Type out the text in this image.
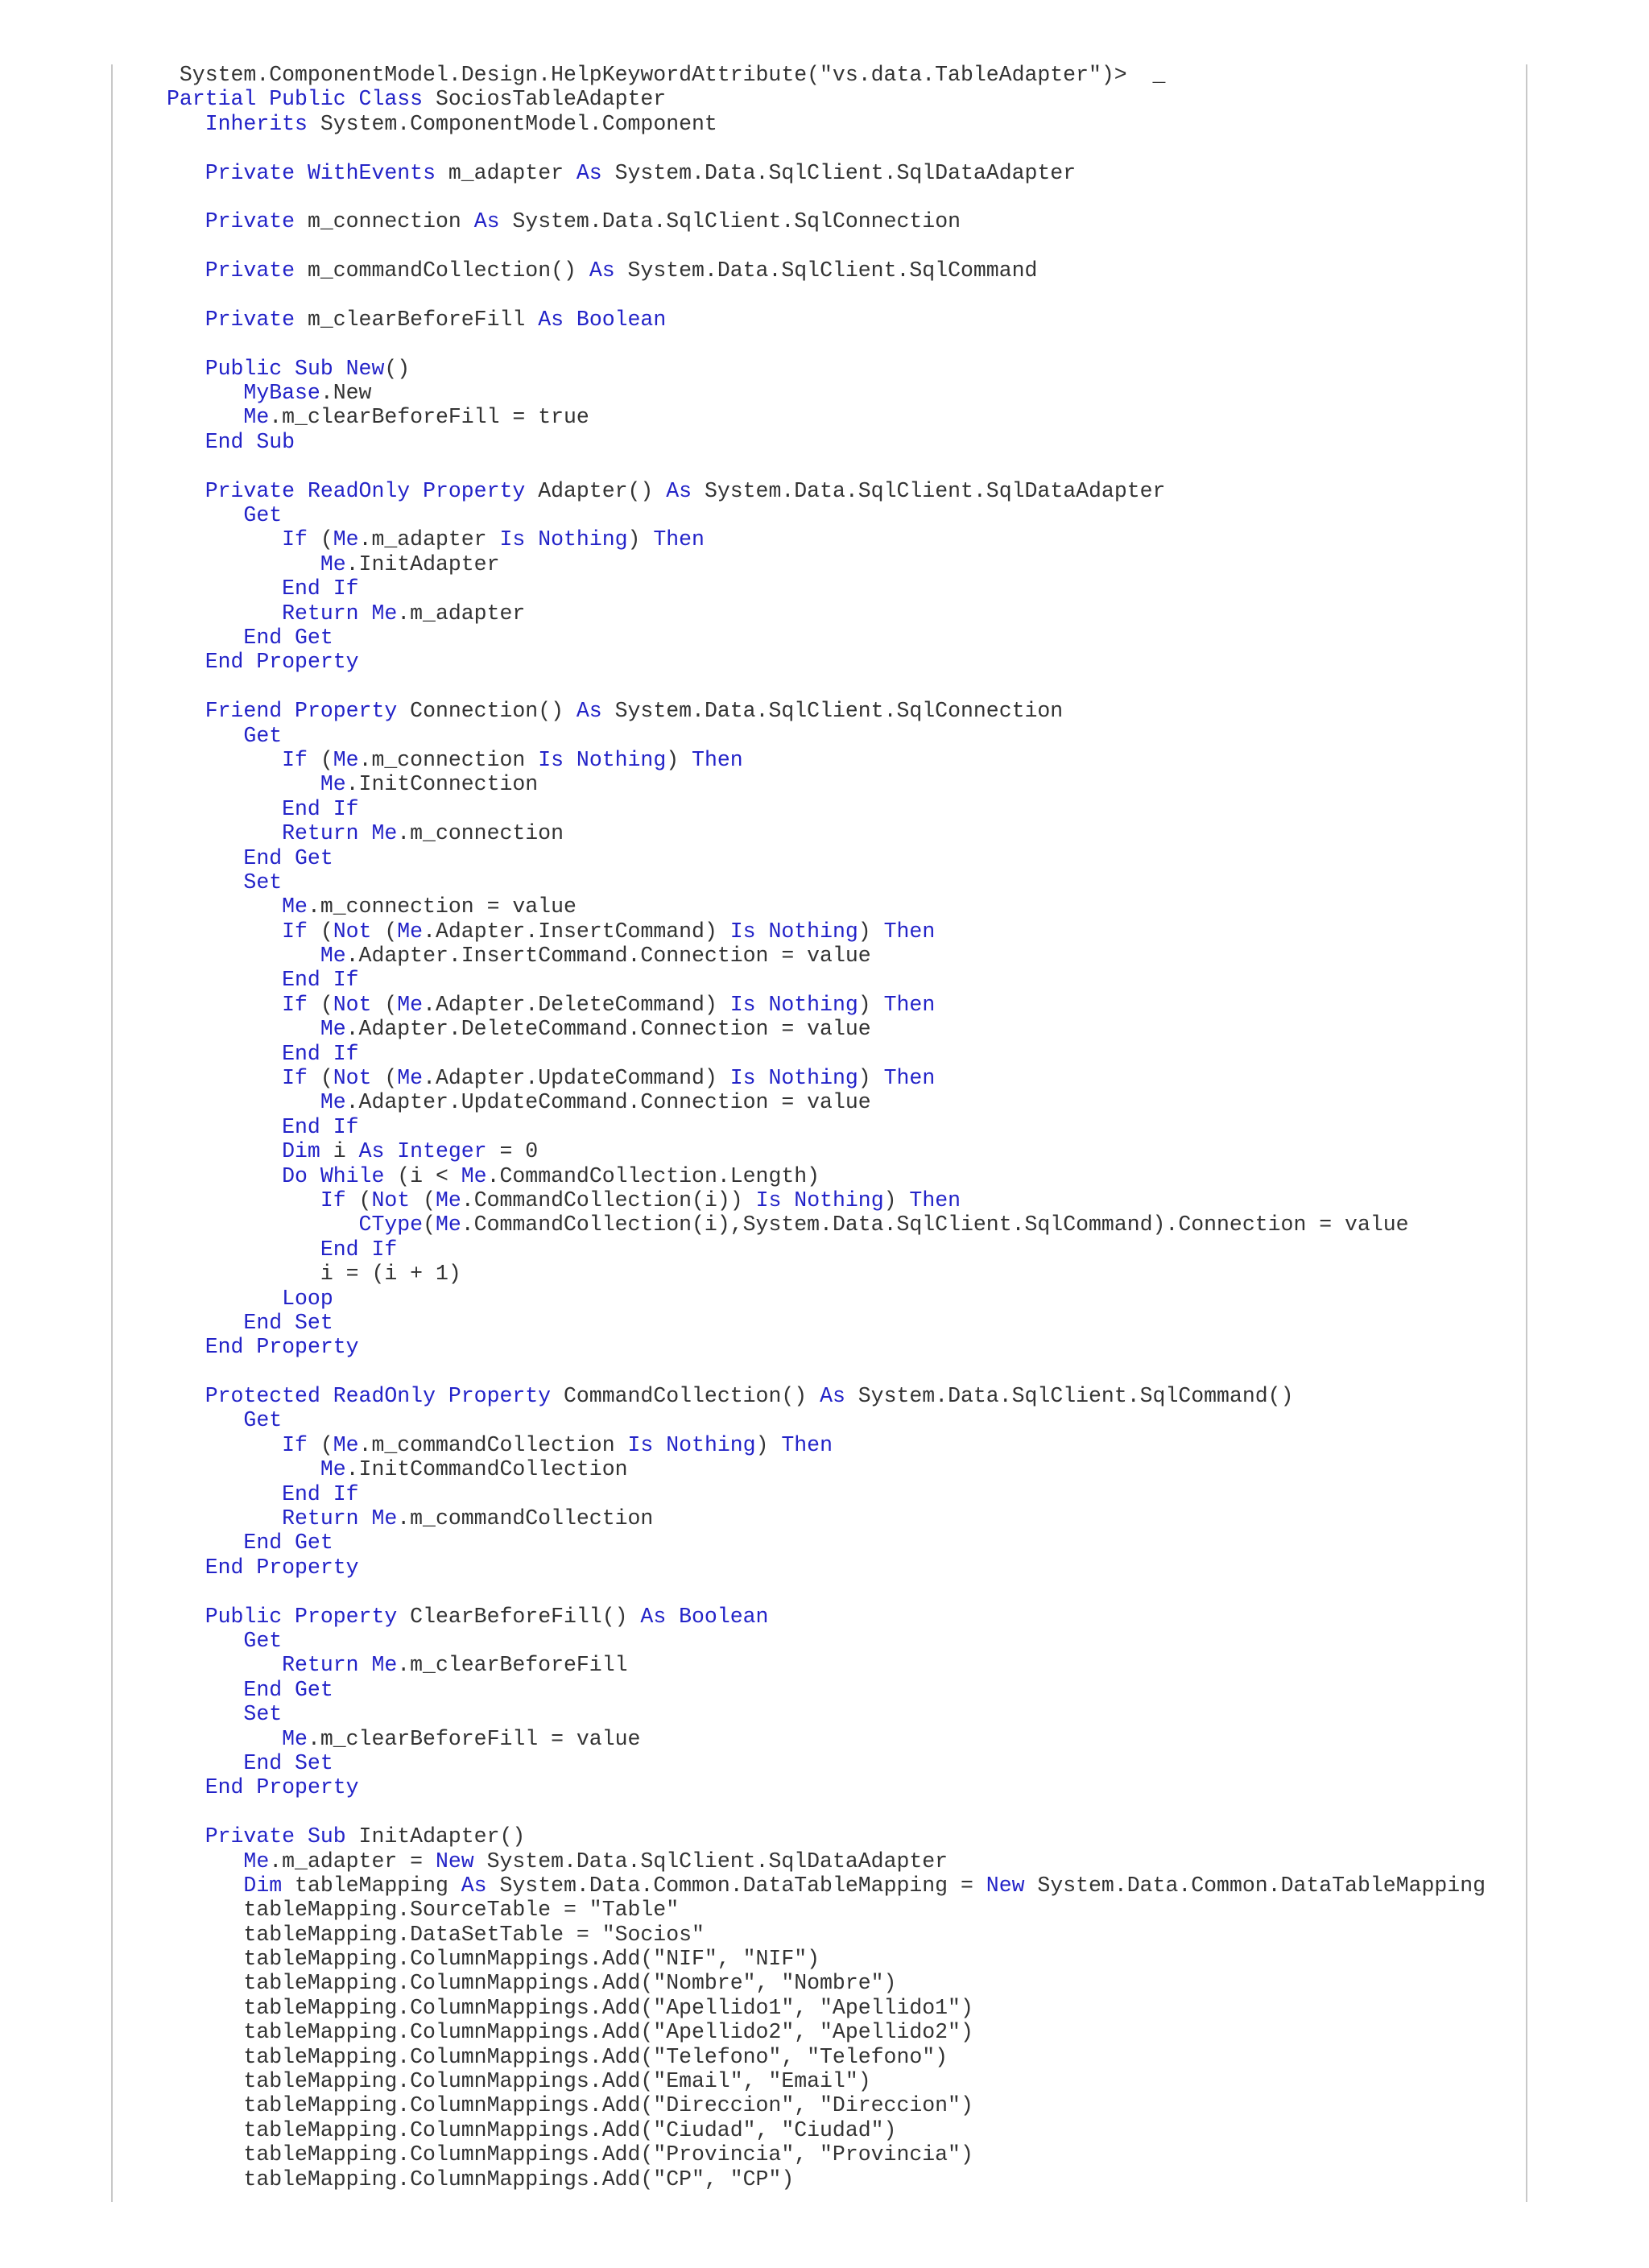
System.ComponentModel.Design.HelpKeywordAttribute("vs.data.TableAdapter")>  _
Partial Public Class SociosTableAdapter
Inherits System.ComponentModel.Component

Private WithEvents m_adapter As System.Data.SqlClient.SqlDataAdapter

Private m_connection As System.Data.SqlClient.SqlConnection

Private m_commandCollection() As System.Data.SqlClient.SqlCommand

Private m_clearBeforeFill As Boolean

Public Sub New()
MyBase.New
Me.m_clearBeforeFill = true
End Sub

Private ReadOnly Property Adapter() As System.Data.SqlClient.SqlDataAdapter
Get
If (Me.m_adapter Is Nothing) Then
Me.InitAdapter
End If
Return Me.m_adapter
End Get
End Property

Friend Property Connection() As System.Data.SqlClient.SqlConnection
Get
If (Me.m_connection Is Nothing) Then
Me.InitConnection
End If
Return Me.m_connection
End Get
Set
Me.m_connection = value
If (Not (Me.Adapter.InsertCommand) Is Nothing) Then
Me.Adapter.InsertCommand.Connection = value
End If
If (Not (Me.Adapter.DeleteCommand) Is Nothing) Then
Me.Adapter.DeleteCommand.Connection = value
End If
If (Not (Me.Adapter.UpdateCommand) Is Nothing) Then
Me.Adapter.UpdateCommand.Connection = value
End If
Dim i As Integer = 0
Do While (i < Me.CommandCollection.Length)
If (Not (Me.CommandCollection(i)) Is Nothing) Then
CType(Me.CommandCollection(i),System.Data.SqlClient.SqlCommand).Connection = value
End If
i = (i + 1)
Loop
End Set
End Property

Protected ReadOnly Property CommandCollection() As System.Data.SqlClient.SqlCommand()
Get
If (Me.m_commandCollection Is Nothing) Then
Me.InitCommandCollection
End If
Return Me.m_commandCollection
End Get
End Property

Public Property ClearBeforeFill() As Boolean
Get
Return Me.m_clearBeforeFill
End Get
Set
Me.m_clearBeforeFill = value
End Set
End Property

Private Sub InitAdapter()
Me.m_adapter = New System.Data.SqlClient.SqlDataAdapter
Dim tableMapping As System.Data.Common.DataTableMapping = New System.Data.Common.DataTableMapping
tableMapping.SourceTable = "Table"
tableMapping.DataSetTable = "Socios"
tableMapping.ColumnMappings.Add("NIF", "NIF")
tableMapping.ColumnMappings.Add("Nombre", "Nombre")
tableMapping.ColumnMappings.Add("Apellido1", "Apellido1")
tableMapping.ColumnMappings.Add("Apellido2", "Apellido2")
tableMapping.ColumnMappings.Add("Telefono", "Telefono")
tableMapping.ColumnMappings.Add("Email", "Email")
tableMapping.ColumnMappings.Add("Direccion", "Direccion")
tableMapping.ColumnMappings.Add("Ciudad", "Ciudad")
tableMapping.ColumnMappings.Add("Provincia", "Provincia")
tableMapping.ColumnMappings.Add("CP", "CP")
